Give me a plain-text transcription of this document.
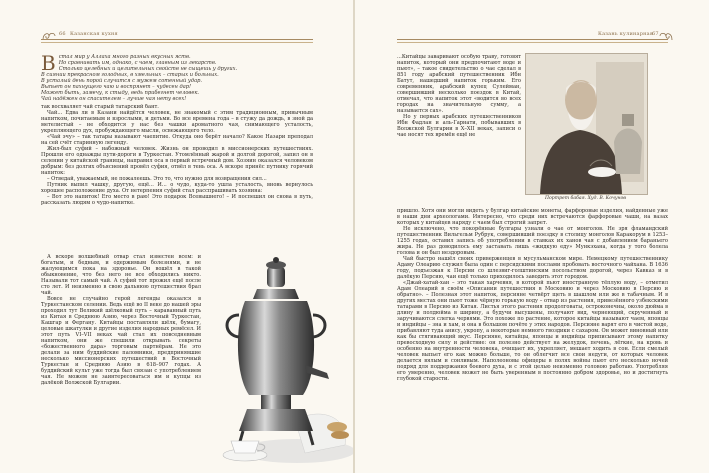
66 Казанская кухня
В стал мир у Аллаха много разных вкусных яств.
Но сравнивать им, однако, с чаем, главным из лекарств.
Столько целебных и целительных свойств не сыщешь у других.
В сиянии прекрасном голодных, в хмельных – старых и больных.
В усталый день порой случится с мужем сотенный удар.
Выпьет он пахнущего чаю и воспрянет – чудесен дар!
Может быть, замечу, к стыду, ведь прибегнет человек.
Чай надёжен он спасителем – лучше чая нету всех!

так восхваляет чай старый татарский бант.

Чай... Едва ли в Казани найдётся человек, не знакомый с этим традиционным, привычным напитком, почитаемым и взрослыми, и детьми. Во все времена года – в стужу да дождь, в зной да метелистый – не обходится у нас без чашки ароматного чая, снимающего усталость, укрепляющего дух, пробуждающего мысли, освежающего тело.

«Чай эчу» – так татары называют чаепитие. Откуда оно берёт начало? Какое Назари преподал на сей счёт старинную легенду.

Жил-был суфий – набожный человек. Жизнь он проводил в миссионерских путешествиях. Прошли его однажды пути-дороги в Туркестан. Утомлённый жарой и долгой дорогой, запил он в селении у китайской границы, направил оса в первый встречный дом. Хозяин оказался человеком добрым: без долгих объяснений провёл суфия, отвёл в тень оса. А вскоре принёс путнику горячий напиток:

– Отведай, уважаемый, не пожалеешь. Это то, что нужно для возвращения сил...

Путник выпил чашку, другую, ещё... И... о чудо, куда-то ушла усталость, вновь вернулось хорошее расположение духа. От нетерпения суфий стал расспрашивать хозяина:

– Вот это напиток! Его место в раю! Это подарок Всевышнего! – И поспешил он снова в путь, рассказать людям о чудо-напитке.

А вскоре волшебный отвар стал известен всем: и богатым, и бедным, и одержимым болезнями, и не жалующимся пока на здоровье. Он вошёл в такой обыкновение, что без него не все обходились никто. Называли тот самый чай. А суфий тот прожил ещё после сто лет. И неизменно в свою дальнюю путешествия брал чай.

Вовсе не случайно герой легенды оказался в Туркестанском селении. Ведь ещё во II веке до нашей эры проходил тут Великий шёлковый путь – караванный путь из Китая в Среднюю Азию, через Восточный Туркестан, Кашгар и Фергану. Китайцы поставляли шёлк, бумагу, целовые шкатулки и другие изделия народных ремёсел. И этот путь VI–VII веках чай стал их повседневным напитком, они же спешили открывать секреты «божественного дара» торговым партнёрам. Не это делали за ним буддийские паломники, предпринявшие несколько миссионерских путешествий в Восточный Туркестан и Среднюю Азию в 618–907 годах. А буддийский культ уже тогда был связан с употреблением чая. Не можем не заинтересоваться им и купцы из далёкой Волжской Булгарии.

Казань кулинарная
67

...Китайцы заваривают особую траву, готовят напиток, который они предпочитают воде и пьют», – такое свидетельство о чае сделал в 851 году арабский путешественник Ибн Батут, нашедший напиток горьким. Его современник, арабский купец Сулейман, совершивший несколько поездок в Китай, отмечал, что напиток этот «водится во всех городах на значительную сумму, а называется сах».

Но у первых арабских путешественников Ибн Фадлан и аль-Гарнати, побывавших в Волжской Булгарии в X–XII веках, записи о чае носят тех времён ещё не

Портрет бабая. Худ. В. Кочунов

пришло. Хотя они могли видеть у булгар китайские монеты, фарфоровые изделия, найденные уже в наши дни археологами. Интересно, что среди них встречаются фарфоровые чаши, на вазах которых у китайцев наряду с чаем был строгий запрет.

Не исключено, что покорённые булгары узнали о чае от монголов. Не зря фламандский путешественник Вильгельм Рубрук, совершивший поездку в столицу монголов Каракорум в 1253–1255 годах, оставил запись об употреблении в ставках их ханов чая с добавлением бараньего жира. Не раз доводилось ему заставать лишь «жидкую еду» Мункэхана, когда у того болела голова и он был нездоровым.

Чай быстро нашёл своих приверженцев в мусульманском мире. Немецкому путешественнику Адаму Олеарию служил была один с персидскими послами пробовать восточного чайхана. В 1636 году, подъезжая к Персии со шлезвиг-голштинским посольством дорогой, через Кавказ и в далёкую Персию, чаи ещё только приходилось заводить этот городом.

«Джай-хатай-хан – это такая харчевня, в которой пьют иностранную тёплую воду, – отметил Адам Олеарий в своём «Описании путешествия в Московию и через Московию в Персию и обратно». – Полезная этот напиток, персияне четвёрт щеть в шашлом или же в табачным. И в других местах они пьют тоже чёрную горькую воду – отвар из растения, привезённого узбекскими татарами в Персию из Китая. Листья этого растения продолговаты, остроконечны, около дюйма в длину и полдюйма в ширину, а будучи высушены, получают вид, чернеющий, скрученный и заручиваются слегка червями. Это похоже по растение, которое китайцы называют чаем, японцы и индийцы – зна и хам, и она в большом почёте у этих народов. Персияне варят его в чистой воде, прибавляют туда анису, укропу, а некоторые немного гвоздики с сахаром. Он может виновный или как бы стягивающий вкус. Персияне, китайцы, японцы и индийцы приписывают этому напитку превосходную силу и действие: он полезно действует на желудок, печень, лёгкие, на кровь и особенно на внутренности человека, очищает их, укрепляет, мешает ходить в сон. Если смелый человек выпьет его как можно больше, то он облегчит все свои недуги, от которых человек делается вялым и сонливым. Наполеоновы офицеры в полях войны пьют его несколько ночей подряд для поддержания боевого духа, и с этой целью неизменно головою работаю. Употребляя его умеренно, человек может не быть уверенным в постоянно добром здоровье, но и достигнуть глубокой старости.
